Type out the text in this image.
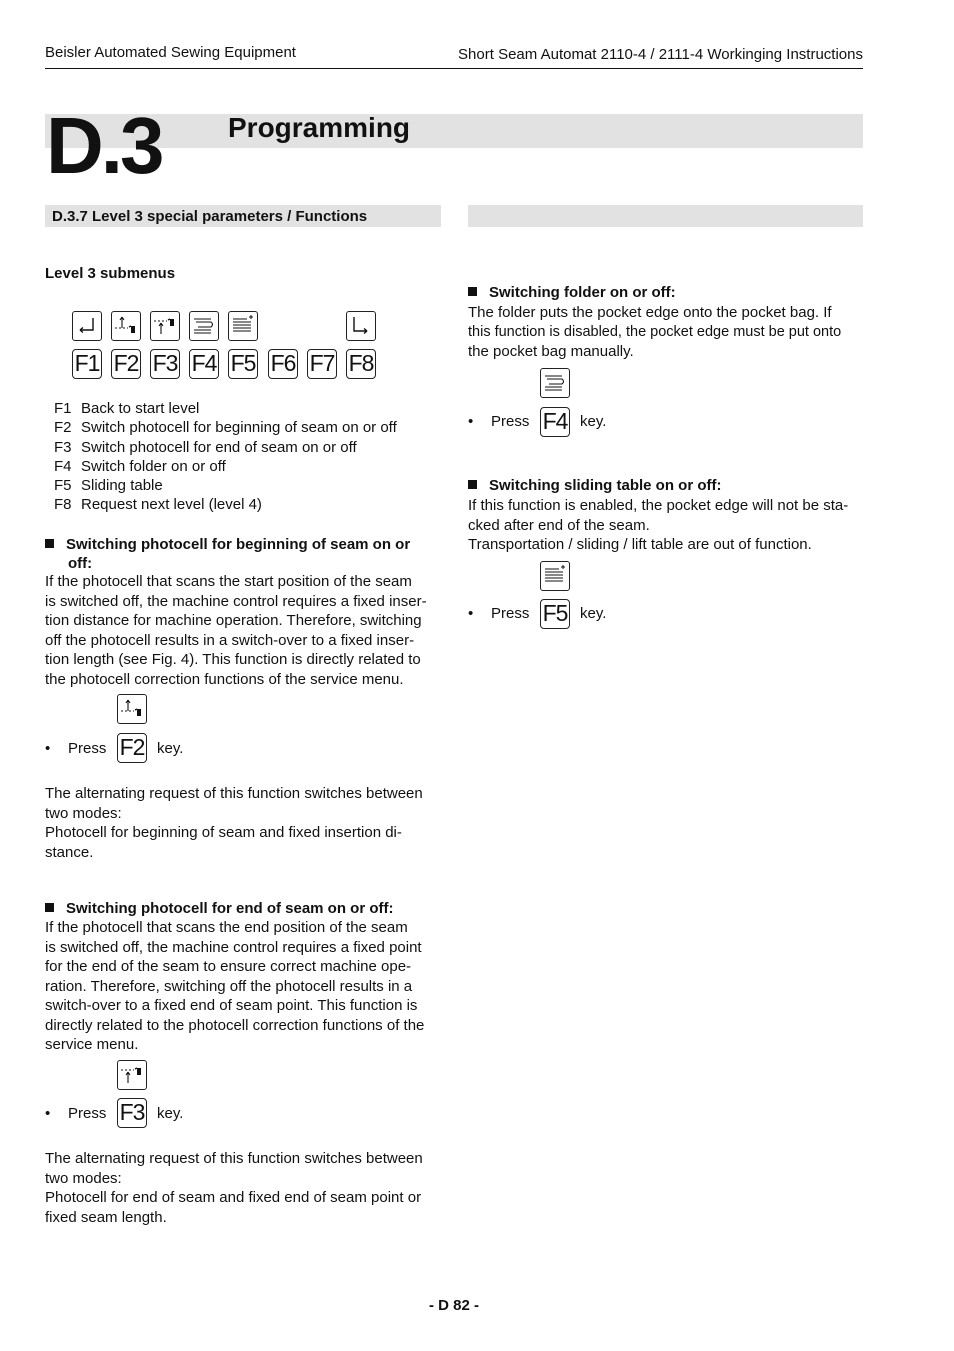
Beisler Automated Sewing Equipment	Short Seam Automat 2110-4 / 2111-4 Workinging Instructions
D.3 Programming
D.3.7 Level 3 special parameters / Functions
Level 3 submenus
F1 F2 F3 F4 F5 F6 F7 F8
F1 Back to start level
F2 Switch photocell for beginning of seam on or off
F3 Switch photocell for end of seam on or off
F4 Switch folder on or off
F5 Sliding table
F8 Request next level (level 4)
Switching photocell for beginning of seam on or
off:
If the photocell that scans the start position of the seam
is switched off, the machine control requires a fixed inser-
tion distance for machine operation. Therefore, switching
off the photocell results in a switch-over to a fixed inser-
tion length (see Fig. 4). This function is directly related to
the photocell correction functions of the service menu.
• Press F2 key.
The alternating request of this function switches between
two modes:
Photocell for beginning of seam and fixed insertion di-
stance.
Switching photocell for end of seam on or off:
If the photocell that scans the end position of the seam
is switched off, the machine control requires a fixed point
for the end of the seam to ensure correct machine ope-
ration. Therefore, switching off the photocell results in a
switch-over to a fixed end of seam point. This function is
directly related to the photocell correction functions of the
service menu.
• Press F3 key.
The alternating request of this function switches between
two modes:
Photocell for end of seam and fixed end of seam point or
fixed seam length.
Switching folder on or off:
The folder puts the pocket edge onto the pocket bag. If
this function is disabled, the pocket edge must be put onto
the pocket bag manually.
• Press F4 key.
Switching sliding table on or off:
If this function is enabled, the pocket edge will not be sta-
cked after end of the seam.
Transportation / sliding / lift table are out of function.
• Press F5 key.
- D 82 -
